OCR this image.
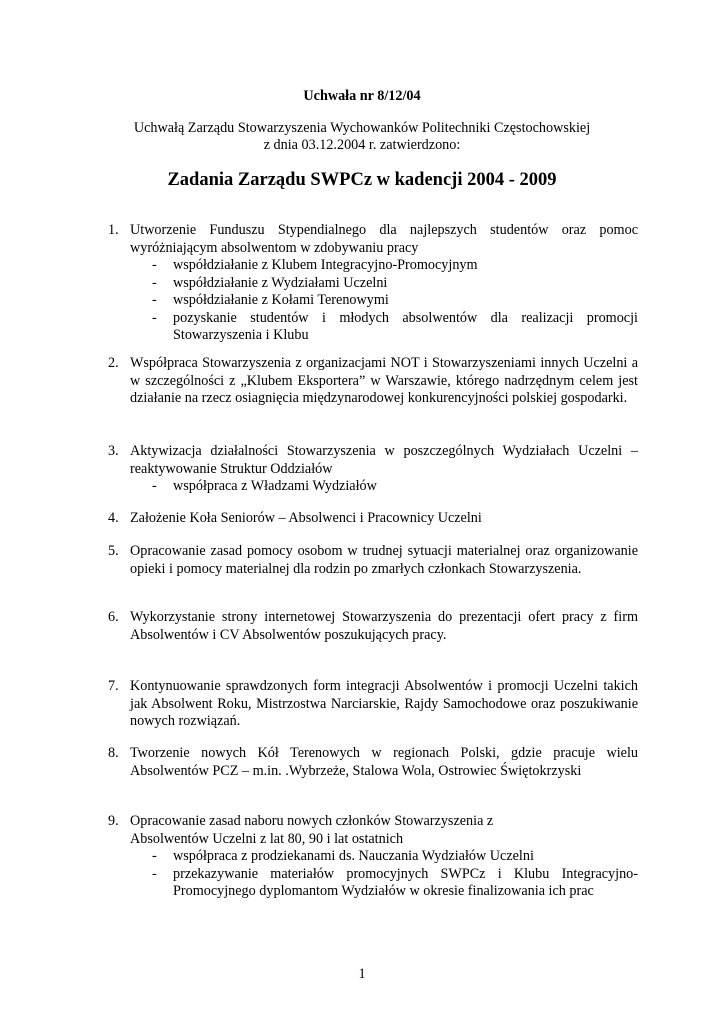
Uchwała nr 8/12/04
Uchwałą Zarządu Stowarzyszenia Wychowanków Politechniki Częstochowskiej
z dnia 03.12.2004 r. zatwierdzono:
Zadania Zarządu SWPCz w kadencji 2004 - 2009
1. Utworzenie Funduszu Stypendialnego dla najlepszych studentów oraz pomoc wyróżniającym absolwentom w zdobywaniu pracy

- współdziałanie z Klubem Integracyjno-Promocyjnym
- współdziałanie z Wydziałami Uczelni
- współdziałanie z Kołami Terenowymi
- pozyskanie studentów i młodych absolwentów dla realizacji promocji Stowarzyszenia i Klubu
2. Współpraca Stowarzyszenia z organizacjami NOT i Stowarzyszeniami innych Uczelni a w szczególności z „Klubem Eksportera” w Warszawie, którego nadrzędnym celem jest działanie na rzecz osiagnięcia międzynarodowej konkurencyjności polskiej gospodarki.

3. Aktywizacja działalności Stowarzyszenia w poszczególnych Wydziałach Uczelni – reaktywowanie Struktur Oddziałów

- współpraca z Władzami Wydziałów
4. Założenie Koła Seniorów – Absolwenci i Pracownicy Uczelni

5. Opracowanie zasad pomocy osobom w trudnej sytuacji materialnej oraz organizowanie opieki i pomocy materialnej dla rodzin po zmarłych członkach Stowarzyszenia.

6. Wykorzystanie strony internetowej Stowarzyszenia do prezentacji ofert pracy z firm Absolwentów i CV Absolwentów poszukujących pracy.

7. Kontynuowanie sprawdzonych form integracji Absolwentów i promocji Uczelni takich jak Absolwent Roku, Mistrzostwa Narciarskie, Rajdy Samochodowe oraz poszukiwanie nowych rozwiązań.

8. Tworzenie nowych Kół Terenowych w regionach Polski, gdzie pracuje wielu Absolwentów PCZ – m.in. .Wybrzeże, Stalowa Wola, Ostrowiec Świętokrzyski

9. Opracowanie zasad naboru nowych członków Stowarzyszenia z

Absolwentów Uczelni z lat 80, 90 i lat ostatnich

- współpraca z prodziekanami ds. Nauczania Wydziałów Uczelni
- przekazywanie materiałów promocyjnych SWPCz i Klubu Integracyjno-Promocyjnego dyplomantom Wydziałów w okresie finalizowania ich prac
1
